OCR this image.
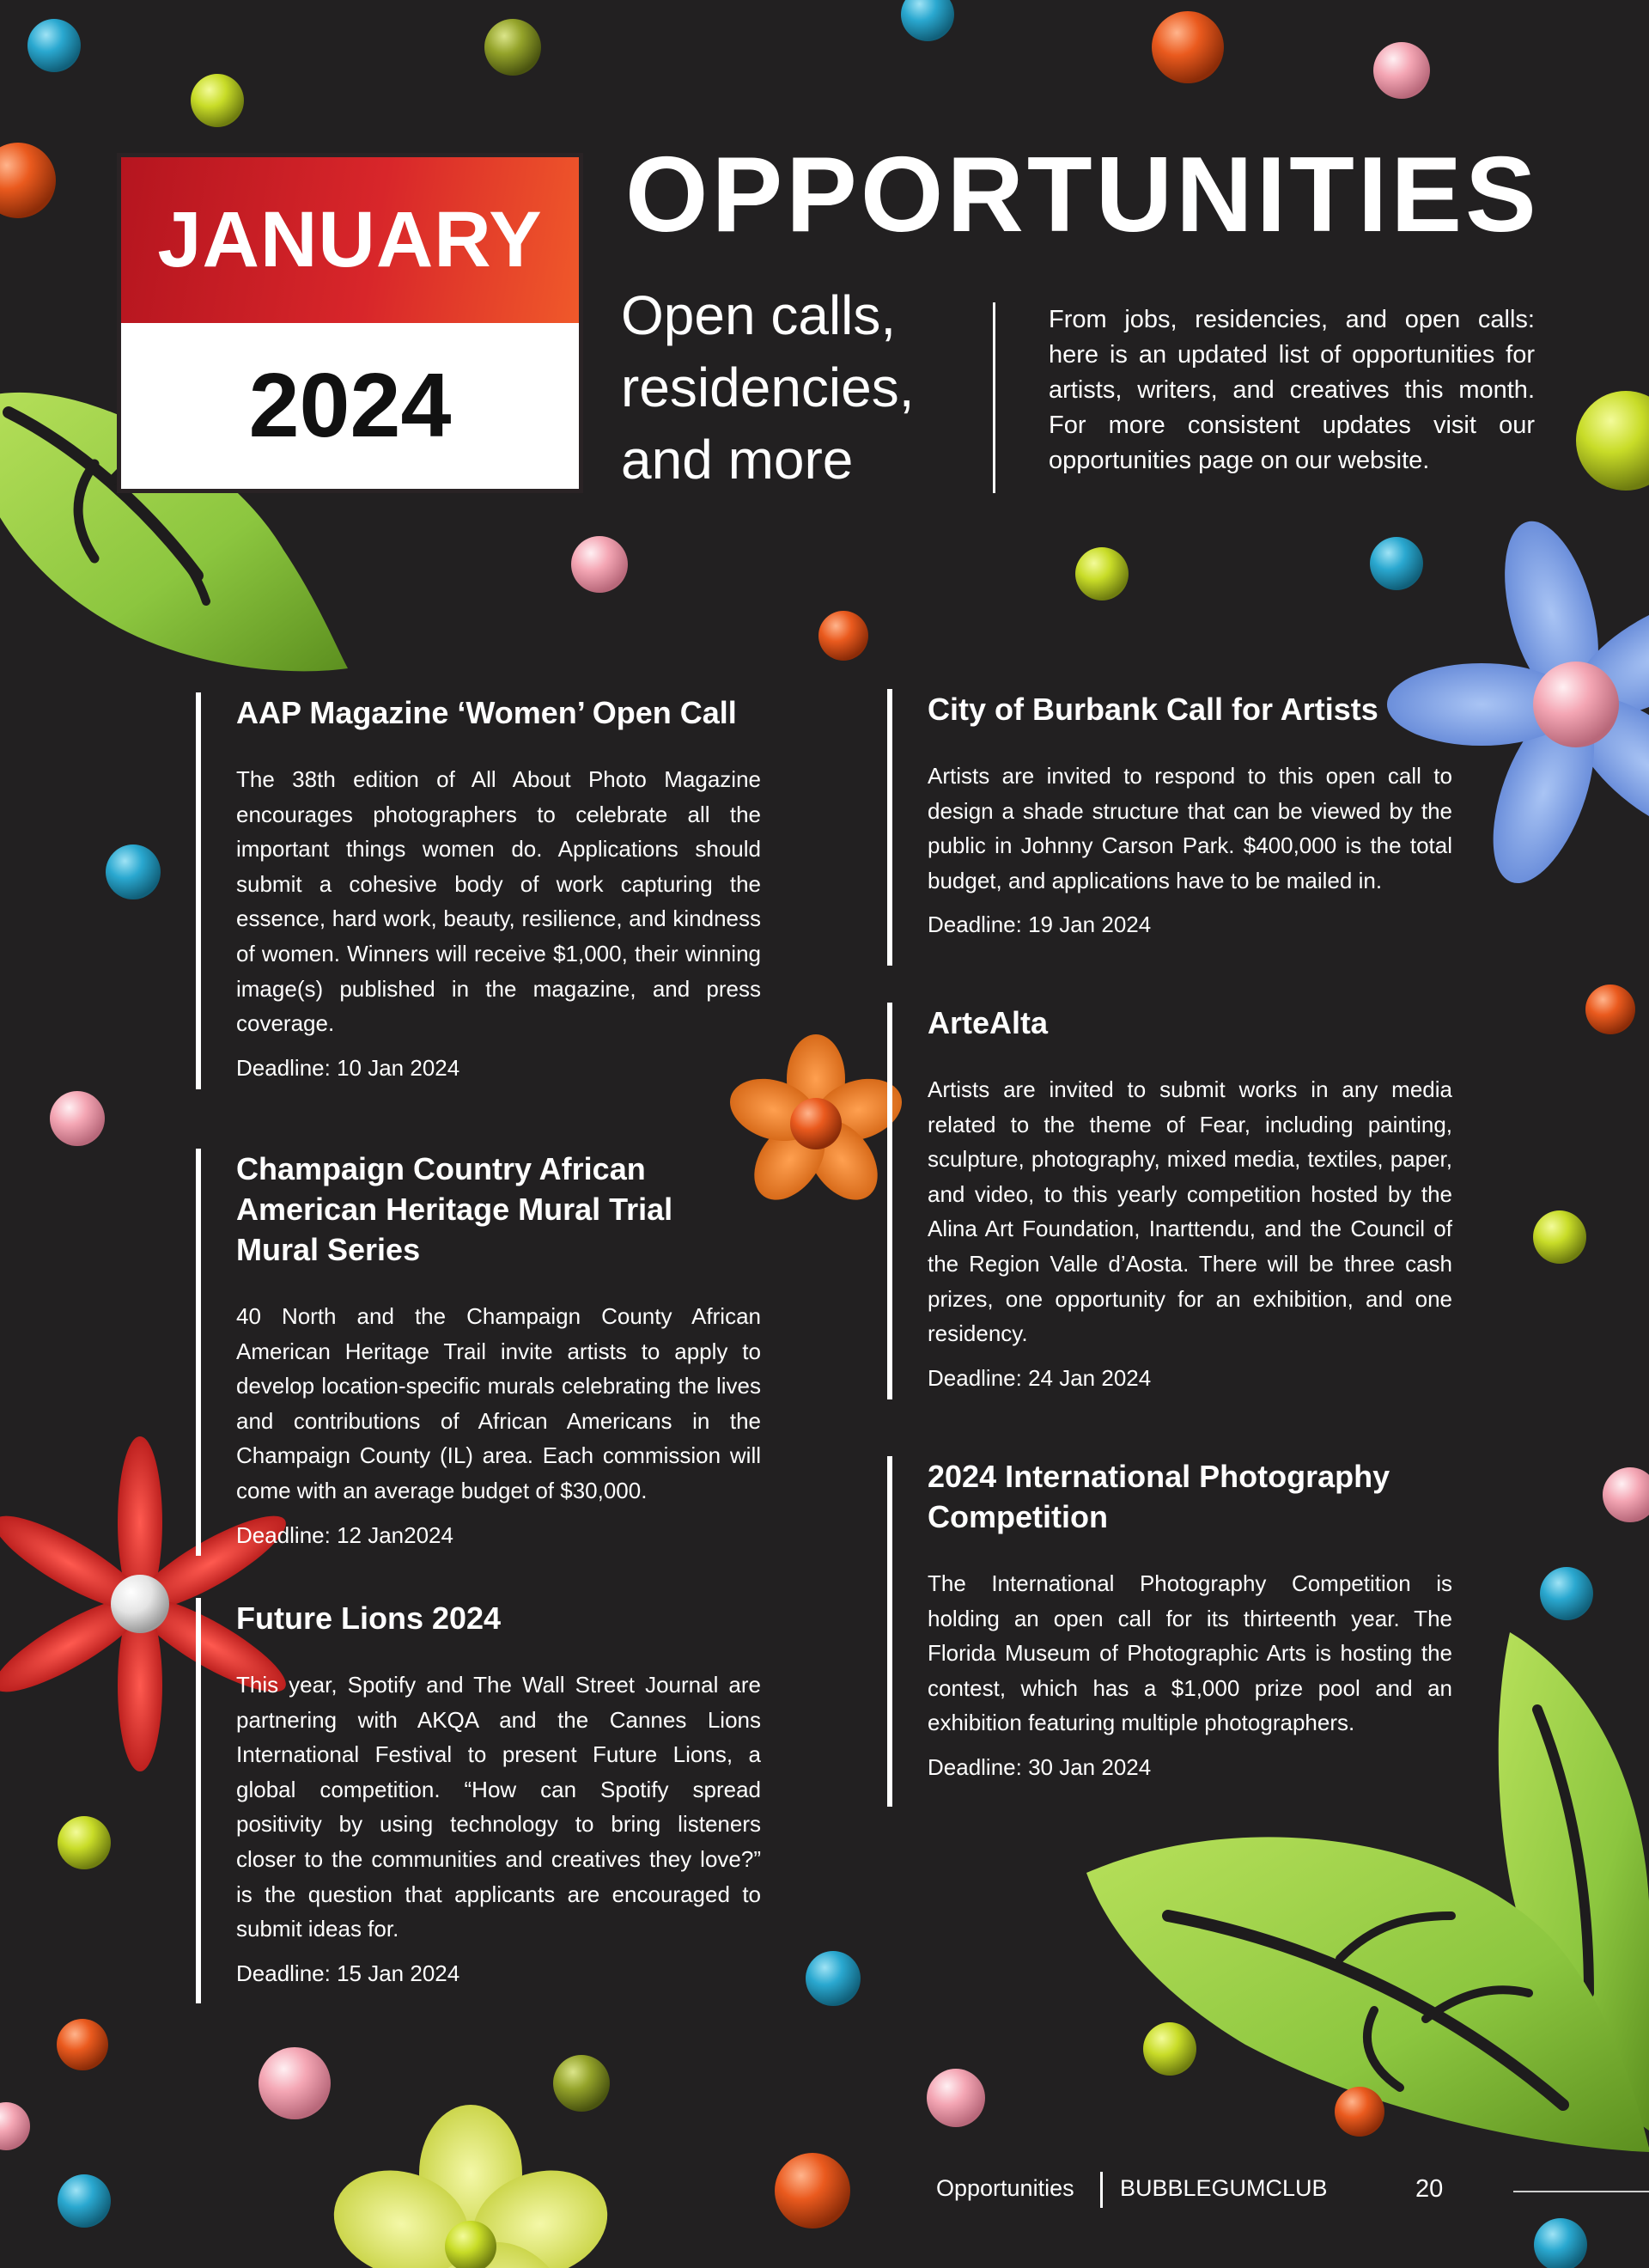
JANUARY
2024
OPPORTUNITIES
Open calls, residencies, and more
From jobs, residencies, and open calls: here is an updated list of opportunities for artists, writers, and creatives this month. For more consistent updates visit our opportunities page on our website.
AAP Magazine ‘Women’ Open Call

The 38th edition of All About Photo Magazine encourages photographers to celebrate all the important things women do. Applications should submit a cohesive body of work capturing the essence, hard work, beauty, resilience, and kindness of women. Winners will receive $1,000, their winning image(s) published in the magazine, and press coverage.

Deadline: 10 Jan 2024

Champaign Country African American Heritage Mural Trial Mural Series

40 North and the Champaign County African American Heritage Trail invite artists to apply to develop location-specific murals celebrating the lives and contributions of African Americans in the Champaign County (IL) area. Each commission will come with an average budget of $30,000.

Deadline: 12 Jan2024

Future Lions 2024

This year, Spotify and The Wall Street Journal are partnering with AKQA and the Cannes Lions International Festival to present Future Lions, a global competition. “How can Spotify spread positivity by using technology to bring listeners closer to the communities and creatives they love?” is the question that applicants are encouraged to submit ideas for.

Deadline: 15 Jan 2024

City of Burbank Call for Artists

Artists are invited to respond to this open call to design a shade structure that can be viewed by the public in Johnny Carson Park. $400,000 is the total budget, and applications have to be mailed in.

Deadline: 19 Jan 2024

ArteAlta

Artists are invited to submit works in any media related to the theme of Fear, including painting, sculpture, photography, mixed media, textiles, paper, and video, to this yearly competition hosted by the Alina Art Foundation, Inarttendu, and the Council of the Region Valle d’Aosta. There will be three cash prizes, one opportunity for an exhibition, and one residency.

Deadline: 24 Jan 2024

2024 International Photography Competition

The International Photography Competition is holding an open call for its thirteenth year. The Florida Museum of Photographic Arts is hosting the contest, which has a $1,000 prize pool and an exhibition featuring multiple photographers.

Deadline: 30 Jan 2024

Opportunities BUBBLEGUMCLUB	20
